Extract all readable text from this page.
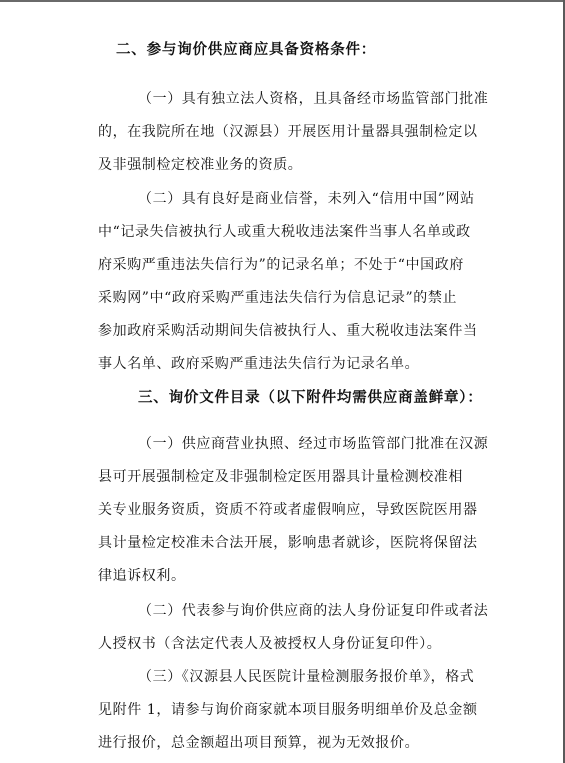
二、参与询价供应商应具备资格条件：
（一）具有独立法人资格，且具备经市场监管部门批准
的，在我院所在地（汉源县）开展医用计量器具强制检定以
及非强制检定校准业务的资质。
（二）具有良好是商业信誉，未列入“信用中国”网站
中“记录失信被执行人或重大税收违法案件当事人名单或政
府采购严重违法失信行为”的记录名单；不处于“中国政府
采购网”中“政府采购严重违法失信行为信息记录”的禁止
参加政府采购活动期间失信被执行人、重大税收违法案件当
事人名单、政府采购严重违法失信行为记录名单。
三、询价文件目录（以下附件均需供应商盖鲜章）：
（一）供应商营业执照、经过市场监管部门批准在汉源
县可开展强制检定及非强制检定医用器具计量检测校准相
关专业服务资质，资质不符或者虚假响应，导致医院医用器
具计量检定校准未合法开展，影响患者就诊，医院将保留法
律追诉权利。
（二）代表参与询价供应商的法人身份证复印件或者法
人授权书（含法定代表人及被授权人身份证复印件）。
（三）《汉源县人民医院计量检测服务报价单》，格式
见附件 1，请参与询价商家就本项目服务明细单价及总金额
进行报价，总金额超出项目预算，视为无效报价。
